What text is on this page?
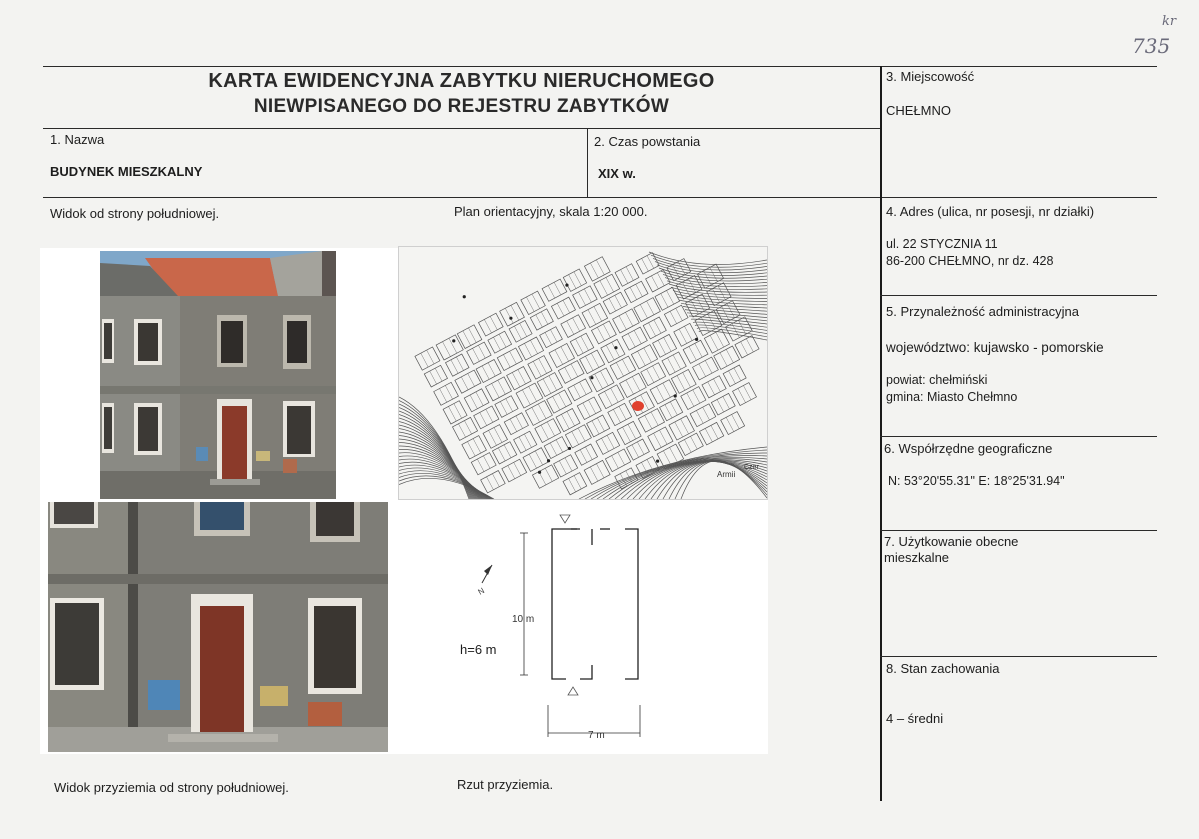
kr
735
KARTA EWIDENCYJNA ZABYTKU NIERUCHOMEGO
NIEWPISANEGO DO REJESTRU ZABYTKÓW
1. Nazwa
BUDYNEK MIESZKALNY
2. Czas powstania
XIX w.
3. Miejscowość
CHEŁMNO
4. Adres (ulica, nr posesji, nr działki)
ul. 22 STYCZNIA 11
86-200 CHEŁMNO, nr dz. 428
5. Przynależność administracyjna
województwo: kujawsko - pomorskie
powiat: chełmiński
gmina: Miasto Chełmno
6. Współrzędne geograficzne
N: 53°20'55.31" E: 18°25'31.94"
7. Użytkowanie obecne
mieszkalne
8. Stan zachowania
4 – średni
Widok od strony południowej.	Plan orientacyjny, skala 1:20 000.
Widok przyziemia od strony południowej.	Rzut przyziemia.
Armii
Czer
10 m
7 m
N
h=6 m
